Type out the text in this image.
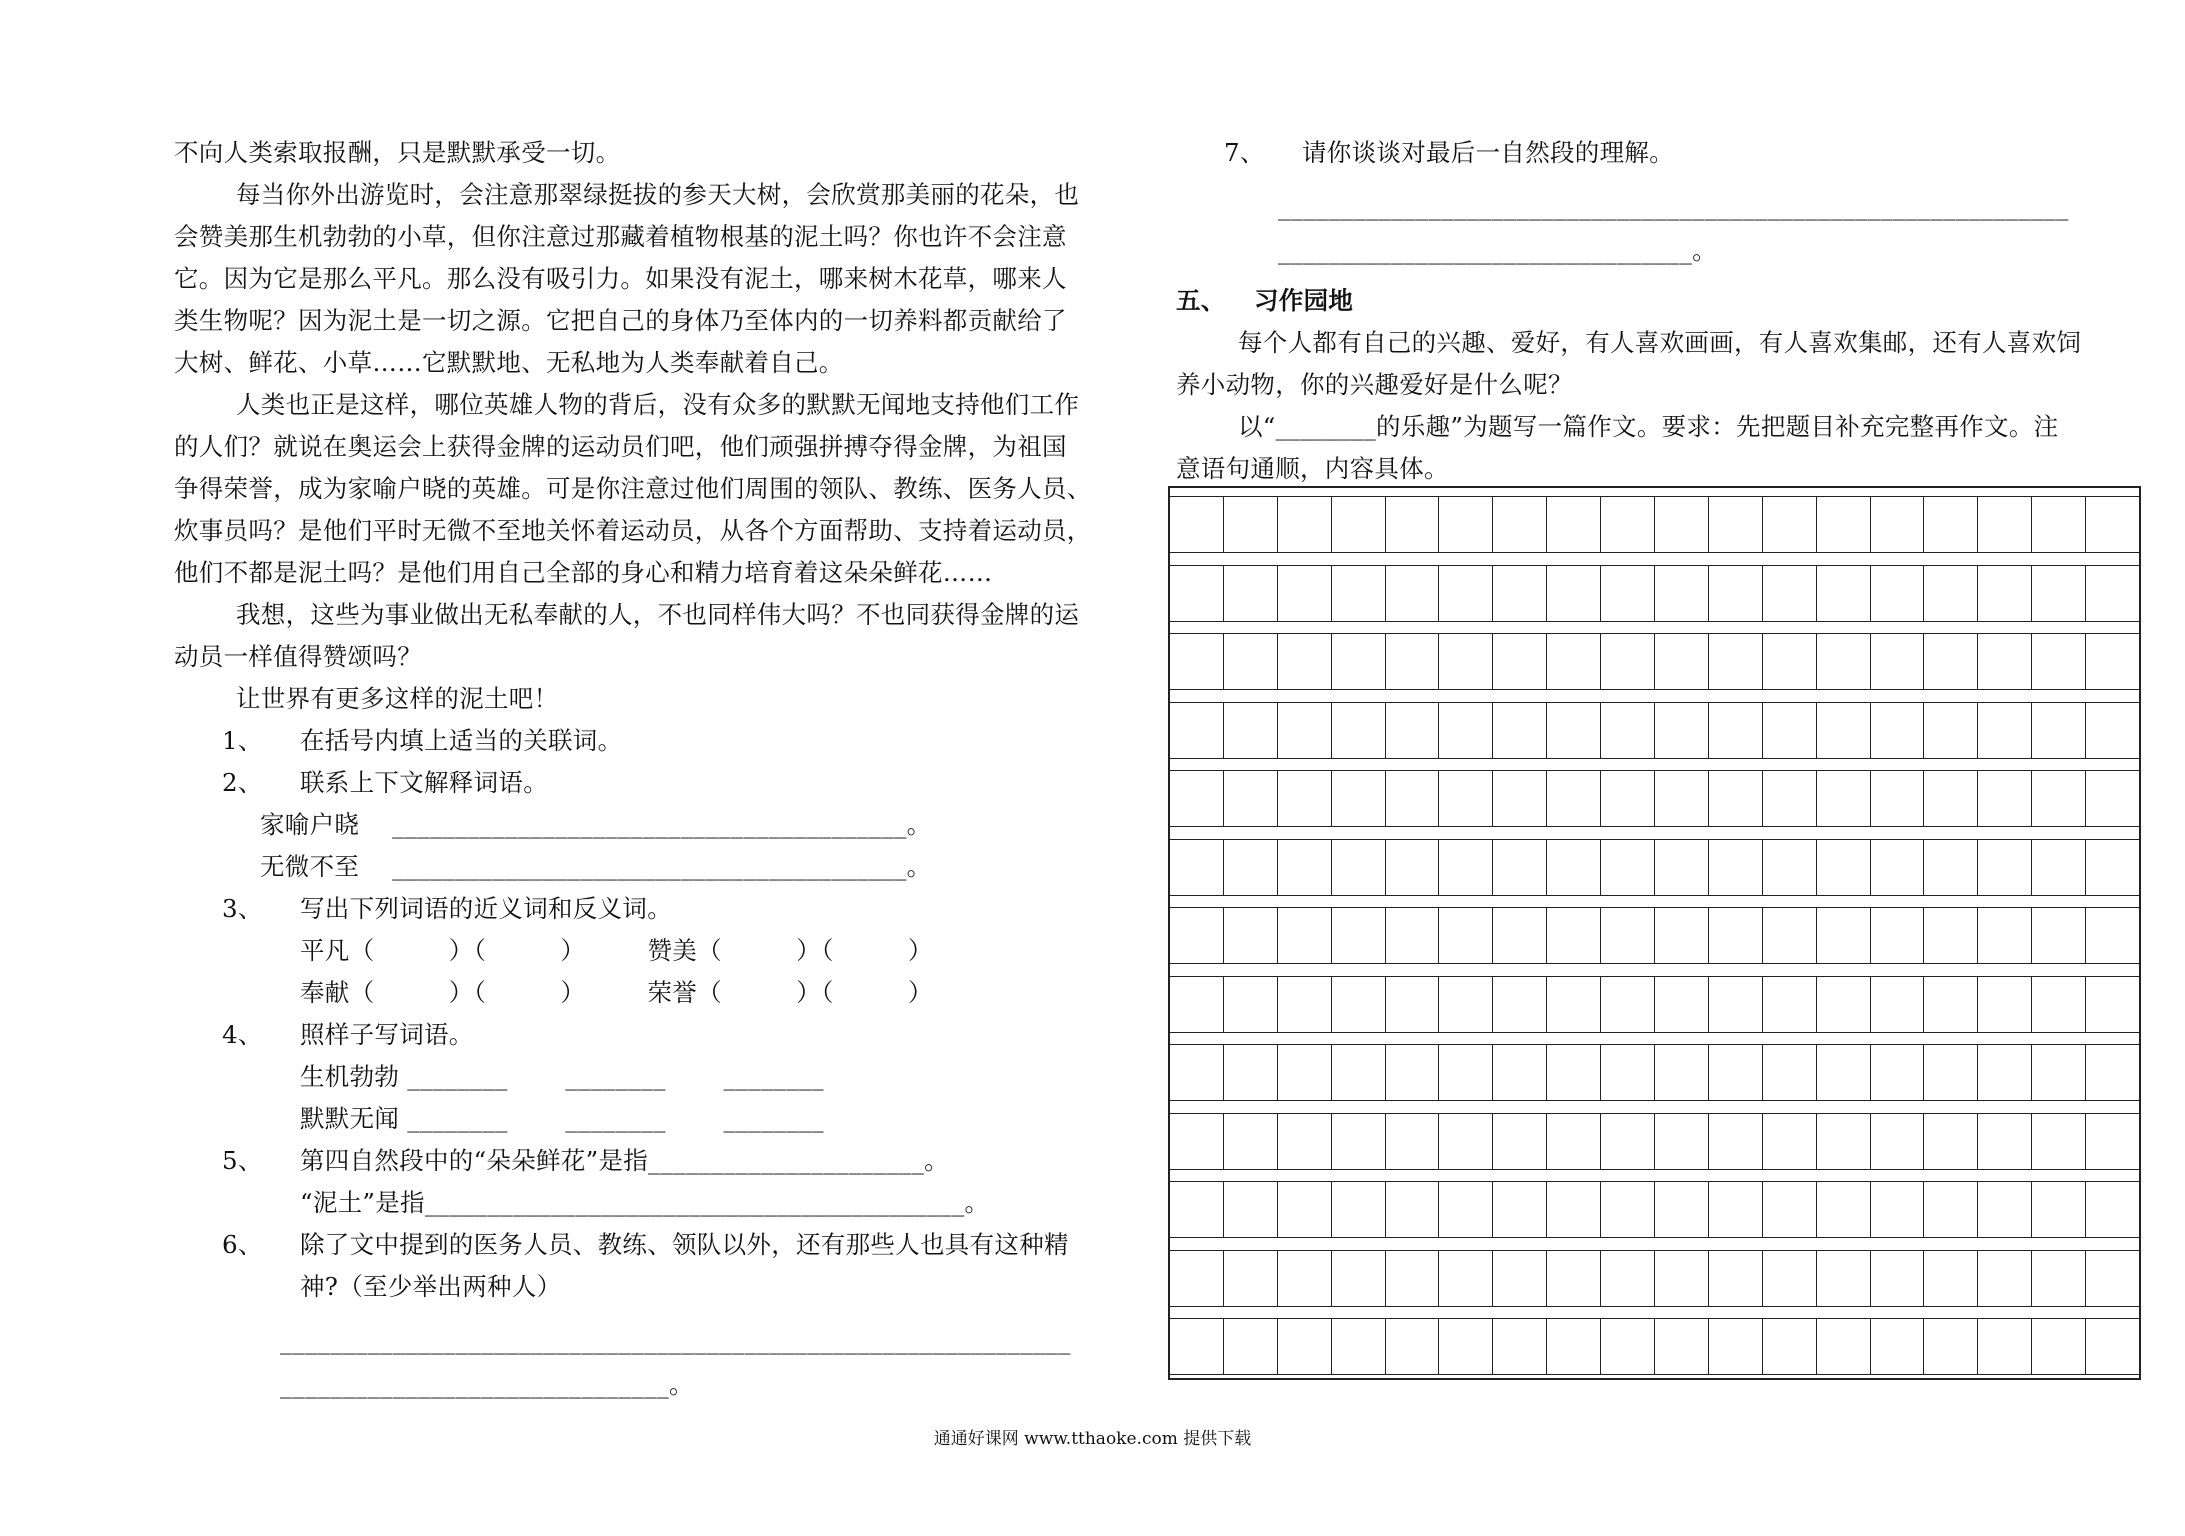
不向人类索取报酬，只是默默承受一切。
每当你外出游览时，会注意那翠绿挺拔的参天大树，会欣赏那美丽的花朵，也
会赞美那生机勃勃的小草，但你注意过那藏着植物根基的泥土吗？你也许不会注意
它。因为它是那么平凡。那么没有吸引力。如果没有泥土，哪来树木花草，哪来人
类生物呢？因为泥土是一切之源。它把自己的身体乃至体内的一切养料都贡献给了
大树、鲜花、小草……它默默地、无私地为人类奉献着自己。
人类也正是这样，哪位英雄人物的背后，没有众多的默默无闻地支持他们工作
的人们？就说在奥运会上获得金牌的运动员们吧，他们顽强拼搏夺得金牌，为祖国
争得荣誉，成为家喻户晓的英雄。可是你注意过他们周围的领队、教练、医务人员、
炊事员吗？是他们平时无微不至地关怀着运动员，从各个方面帮助、支持着运动员，
他们不都是泥土吗？是他们用自己全部的身心和精力培育着这朵朵鲜花……
我想，这些为事业做出无私奉献的人，不也同样伟大吗？不也同获得金牌的运
动员一样值得赞颂吗？
让世界有更多这样的泥土吧！
1、 在括号内填上适当的关联词。
2、 联系上下文解释词语。
家喻户晓　 _________________________________________。
无微不至　 _________________________________________。
3、 写出下列词语的近义词和反义词。
平凡（　　　）（　　　）　　　赞美（　　　）（　　　）
奉献（　　　）（　　　）　　　荣誉（　　　）（　　　）
4、 照样子写词语。
生机勃勃 ________　　 ________　　 ________
默默无闻 ________　　 ________　　 ________
5、 第四自然段中的“朵朵鲜花”是指______________________。
“泥土”是指___________________________________________。
6、 除了文中提到的医务人员、教练、领队以外，还有那些人也具有这种精
神?（至少举出两种人）
_______________________________________________________________
_______________________________。
7、 请你谈谈对最后一自然段的理解。
_______________________________________________________________
_________________________________。
五、 习作园地
每个人都有自己的兴趣、爱好，有人喜欢画画，有人喜欢集邮，还有人喜欢饲
养小动物，你的兴趣爱好是什么呢？
以“________的乐趣”为题写一篇作文。要求：先把题目补充完整再作文。注
意语句通顺，内容具体。
通通好课网 www.tthaoke.com 提供下载
